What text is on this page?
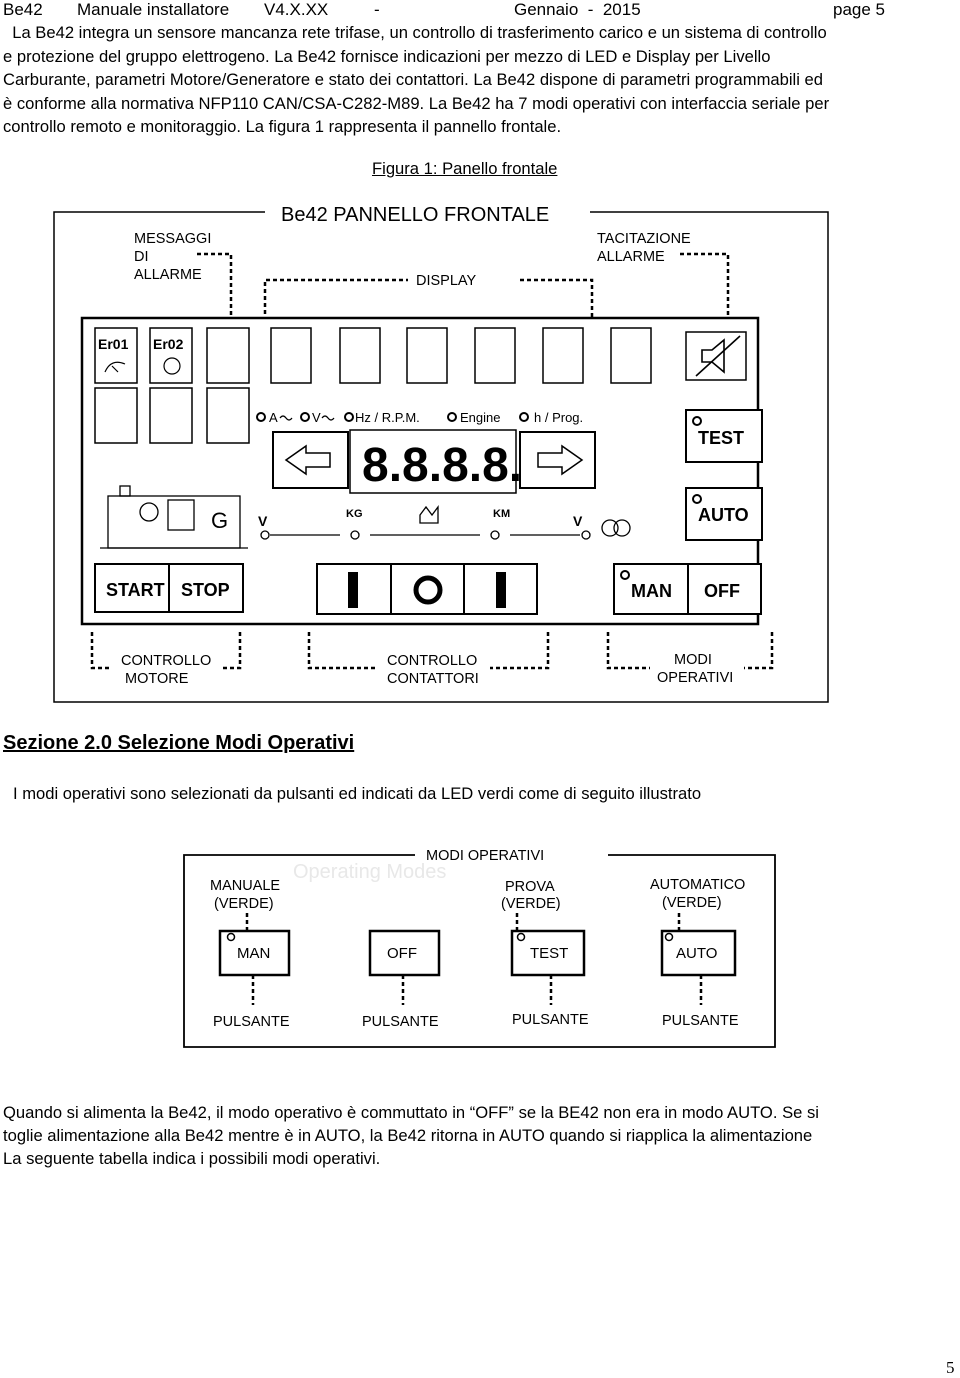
Be42 Manuale installatore V4.X.XX	-	Gennaio  -  2015	page 5
La Be42 integra un sensore mancanza rete trifase, un controllo di trasferimento carico e un sistema di controllo
e protezione del gruppo elettrogeno. La Be42 fornisce indicazioni per mezzo di LED e Display per Livello
Carburante, parametri Motore/Generatore e stato dei contattori. La Be42 dispone di parametri programmabili ed
è conforme alla normativa NFP110 CAN/CSA-C282-M89. La Be42 ha 7 modi operativi con interfaccia seriale per
controllo remoto e monitoraggio. La figura 1 rappresenta il pannello frontale.
Figura 1: Panello frontale
Be42 PANNELLO FRONTALE
MESSAGGI
DI
ALLARME	DISPLAY
TACITAZIONE
ALLARME
Er01 Er02
A	V	Hz / R.P.M.	Engine	h / Prog.
8.8.8.8.
TEST
AUTO
G V	V
KG	KM
START STOP	MAN OFF
CONTROLLO
MOTORE
CONTROLLO
CONTATTORI
MODI
OPERATIVI
Sezione 2.0 Selezione Modi Operativi
I modi operativi sono selezionati da pulsanti ed indicati da LED verdi come di seguito illustrato
MODI OPERATIVI
Operating Modes
MANUALE
(VERDE)
PROVA
(VERDE)
AUTOMATICO
(VERDE)
MAN	OFF	TEST	AUTO
PULSANTE	PULSANTE	PULSANTE	PULSANTE
Quando si alimenta la Be42, il modo operativo è commuttato in “OFF” se la BE42 non era in modo AUTO. Se si
toglie alimentazione alla Be42 mentre è in AUTO, la Be42 ritorna in AUTO quando si riapplica la alimentazione
La seguente tabella indica i possibili modi operativi.
5
